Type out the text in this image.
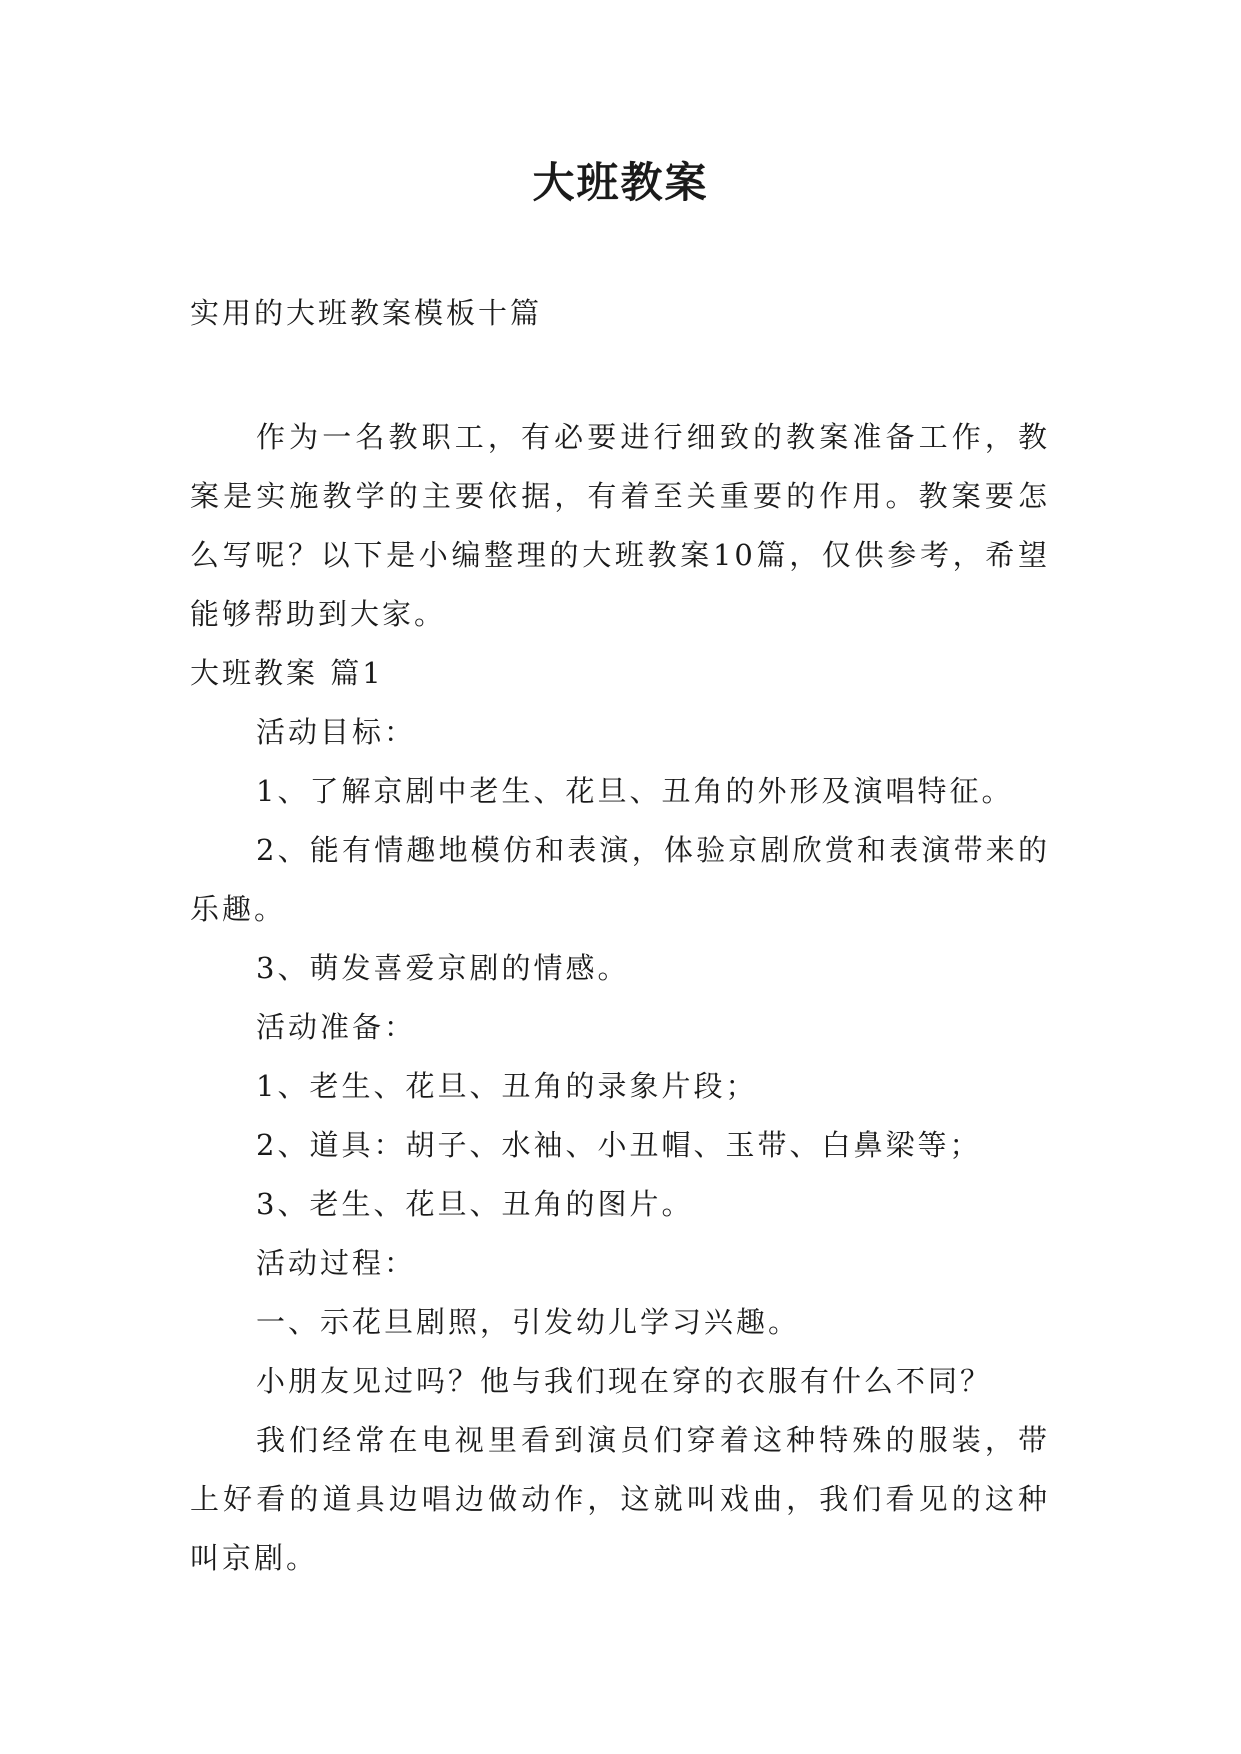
大班教案
实用的大班教案模板十篇
作为一名教职工，有必要进行细致的教案准备工作，教案是实施教学的主要依据，有着至关重要的作用。教案要怎么写呢？以下是小编整理的大班教案10篇，仅供参考，希望能够帮助到大家。

大班教案 篇1

活动目标：

1、了解京剧中老生、花旦、丑角的外形及演唱特征。

2、能有情趣地模仿和表演，体验京剧欣赏和表演带来的乐趣。

3、萌发喜爱京剧的情感。

活动准备：

1、老生、花旦、丑角的录象片段；

2、道具：胡子、水袖、小丑帽、玉带、白鼻梁等；

3、老生、花旦、丑角的图片。

活动过程：

一、示花旦剧照，引发幼儿学习兴趣。

小朋友见过吗？他与我们现在穿的衣服有什么不同？

我们经常在电视里看到演员们穿着这种特殊的服装，带上好看的道具边唱边做动作，这就叫戏曲，我们看见的这种叫京剧。
